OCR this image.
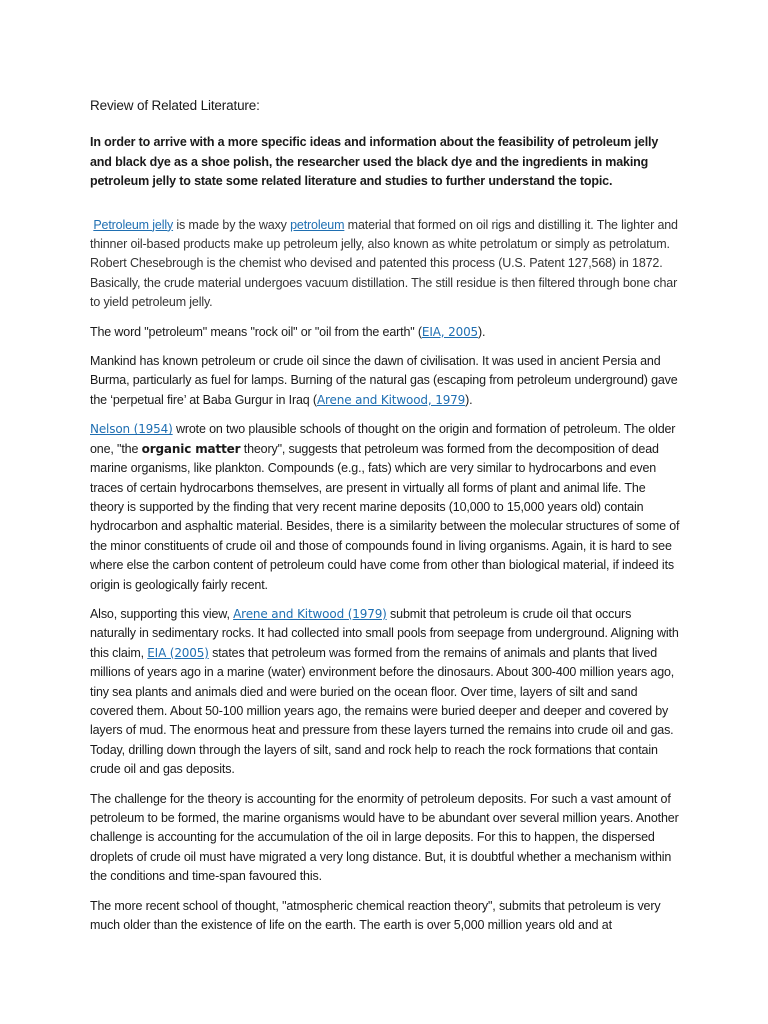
Review of Related Literature:

In order to arrive with a more specific ideas and information about the feasibility of petroleum jelly and black dye as a shoe polish, the researcher used the black dye and the ingredients in making petroleum jelly to state some related literature and studies to further understand the topic.

Petroleum jelly is made by the waxy petroleum material that formed on oil rigs and distilling it. The lighter and thinner oil-based products make up petroleum jelly, also known as white petrolatum or simply as petrolatum. Robert Chesebrough is the chemist who devised and patented this process (U.S. Patent 127,568) in 1872. Basically, the crude material undergoes vacuum distillation. The still residue is then filtered through bone char to yield petroleum jelly.

The word "petroleum" means "rock oil" or "oil from the earth" (EIA, 2005).

Mankind has known petroleum or crude oil since the dawn of civilisation. It was used in ancient Persia and Burma, particularly as fuel for lamps. Burning of the natural gas (escaping from petroleum underground) gave the ‘perpetual fire’ at Baba Gurgur in Iraq (Arene and Kitwood, 1979).

Nelson (1954) wrote on two plausible schools of thought on the origin and formation of petroleum. The older one, "the organic matter theory", suggests that petroleum was formed from the decomposition of dead marine organisms, like plankton. Compounds (e.g., fats) which are very similar to hydrocarbons and even traces of certain hydrocarbons themselves, are present in virtually all forms of plant and animal life. The theory is supported by the finding that very recent marine deposits (10,000 to 15,000 years old) contain hydrocarbon and asphaltic material. Besides, there is a similarity between the molecular structures of some of the minor constituents of crude oil and those of compounds found in living organisms. Again, it is hard to see where else the carbon content of petroleum could have come from other than biological material, if indeed its origin is geologically fairly recent.

Also, supporting this view, Arene and Kitwood (1979) submit that petroleum is crude oil that occurs naturally in sedimentary rocks. It had collected into small pools from seepage from underground. Aligning with this claim, EIA (2005) states that petroleum was formed from the remains of animals and plants that lived millions of years ago in a marine (water) environment before the dinosaurs. About 300-400 million years ago, tiny sea plants and animals died and were buried on the ocean floor. Over time, layers of silt and sand covered them. About 50-100 million years ago, the remains were buried deeper and deeper and covered by layers of mud. The enormous heat and pressure from these layers turned the remains into crude oil and gas. Today, drilling down through the layers of silt, sand and rock help to reach the rock formations that contain crude oil and gas deposits.

The challenge for the theory is accounting for the enormity of petroleum deposits. For such a vast amount of petroleum to be formed, the marine organisms would have to be abundant over several million years. Another challenge is accounting for the accumulation of the oil in large deposits. For this to happen, the dispersed droplets of crude oil must have migrated a very long distance. But, it is doubtful whether a mechanism within the conditions and time-span favoured this.

The more recent school of thought, "atmospheric chemical reaction theory", submits that petroleum is very much older than the existence of life on the earth. The earth is over 5,000 million years old and at
